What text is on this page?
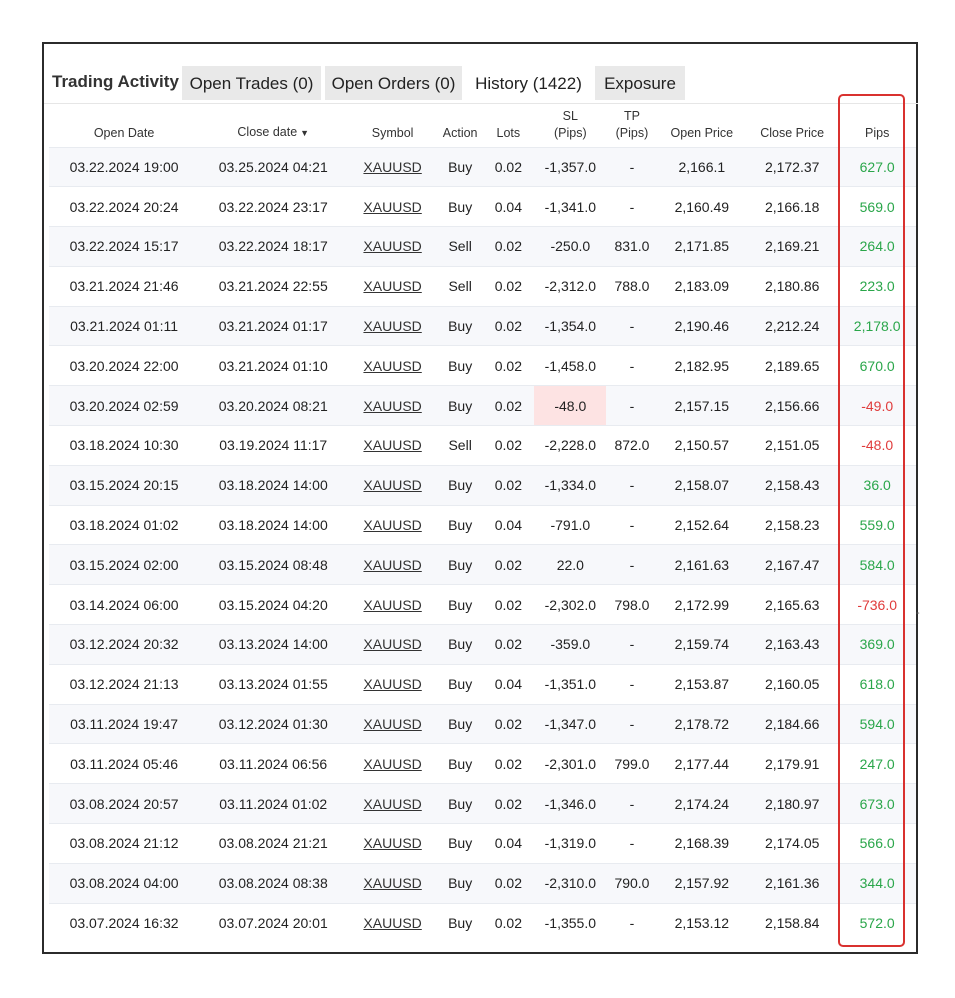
Trading Activity Open Trades (0)	Open Orders (0)	History (1422)	Exposure
Open Date	Close date ▼	Symbol	Action	Lots	SL
(Pips)	TP
(Pips)	Open Price	Close Price	Pips
03.22.2024 19:00	03.25.2024 04:21	XAUUSD	Buy	0.02	-1,357.0	-	2,166.1	2,172.37	627.0
03.22.2024 20:24	03.22.2024 23:17	XAUUSD	Buy	0.04	-1,341.0	-	2,160.49	2,166.18	569.0
03.22.2024 15:17	03.22.2024 18:17	XAUUSD	Sell	0.02	-250.0	831.0	2,171.85	2,169.21	264.0
03.21.2024 21:46	03.21.2024 22:55	XAUUSD	Sell	0.02	-2,312.0	788.0	2,183.09	2,180.86	223.0
03.21.2024 01:11	03.21.2024 01:17	XAUUSD	Buy	0.02	-1,354.0	-	2,190.46	2,212.24	2,178.0
03.20.2024 22:00	03.21.2024 01:10	XAUUSD	Buy	0.02	-1,458.0	-	2,182.95	2,189.65	670.0
03.20.2024 02:59	03.20.2024 08:21	XAUUSD	Buy	0.02	-48.0	-	2,157.15	2,156.66	-49.0
03.18.2024 10:30	03.19.2024 11:17	XAUUSD	Sell	0.02	-2,228.0	872.0	2,150.57	2,151.05	-48.0
03.15.2024 20:15	03.18.2024 14:00	XAUUSD	Buy	0.02	-1,334.0	-	2,158.07	2,158.43	36.0
03.18.2024 01:02	03.18.2024 14:00	XAUUSD	Buy	0.04	-791.0	-	2,152.64	2,158.23	559.0
03.15.2024 02:00	03.15.2024 08:48	XAUUSD	Buy	0.02	22.0	-	2,161.63	2,167.47	584.0
03.14.2024 06:00	03.15.2024 04:20	XAUUSD	Buy	0.02	-2,302.0	798.0	2,172.99	2,165.63	-736.0
03.12.2024 20:32	03.13.2024 14:00	XAUUSD	Buy	0.02	-359.0	-	2,159.74	2,163.43	369.0
03.12.2024 21:13	03.13.2024 01:55	XAUUSD	Buy	0.04	-1,351.0	-	2,153.87	2,160.05	618.0
03.11.2024 19:47	03.12.2024 01:30	XAUUSD	Buy	0.02	-1,347.0	-	2,178.72	2,184.66	594.0
03.11.2024 05:46	03.11.2024 06:56	XAUUSD	Buy	0.02	-2,301.0	799.0	2,177.44	2,179.91	247.0
03.08.2024 20:57	03.11.2024 01:02	XAUUSD	Buy	0.02	-1,346.0	-	2,174.24	2,180.97	673.0
03.08.2024 21:12	03.08.2024 21:21	XAUUSD	Buy	0.04	-1,319.0	-	2,168.39	2,174.05	566.0
03.08.2024 04:00	03.08.2024 08:38	XAUUSD	Buy	0.02	-2,310.0	790.0	2,157.92	2,161.36	344.0
03.07.2024 16:32	03.07.2024 20:01	XAUUSD	Buy	0.02	-1,355.0	-	2,153.12	2,158.84	572.0
-
